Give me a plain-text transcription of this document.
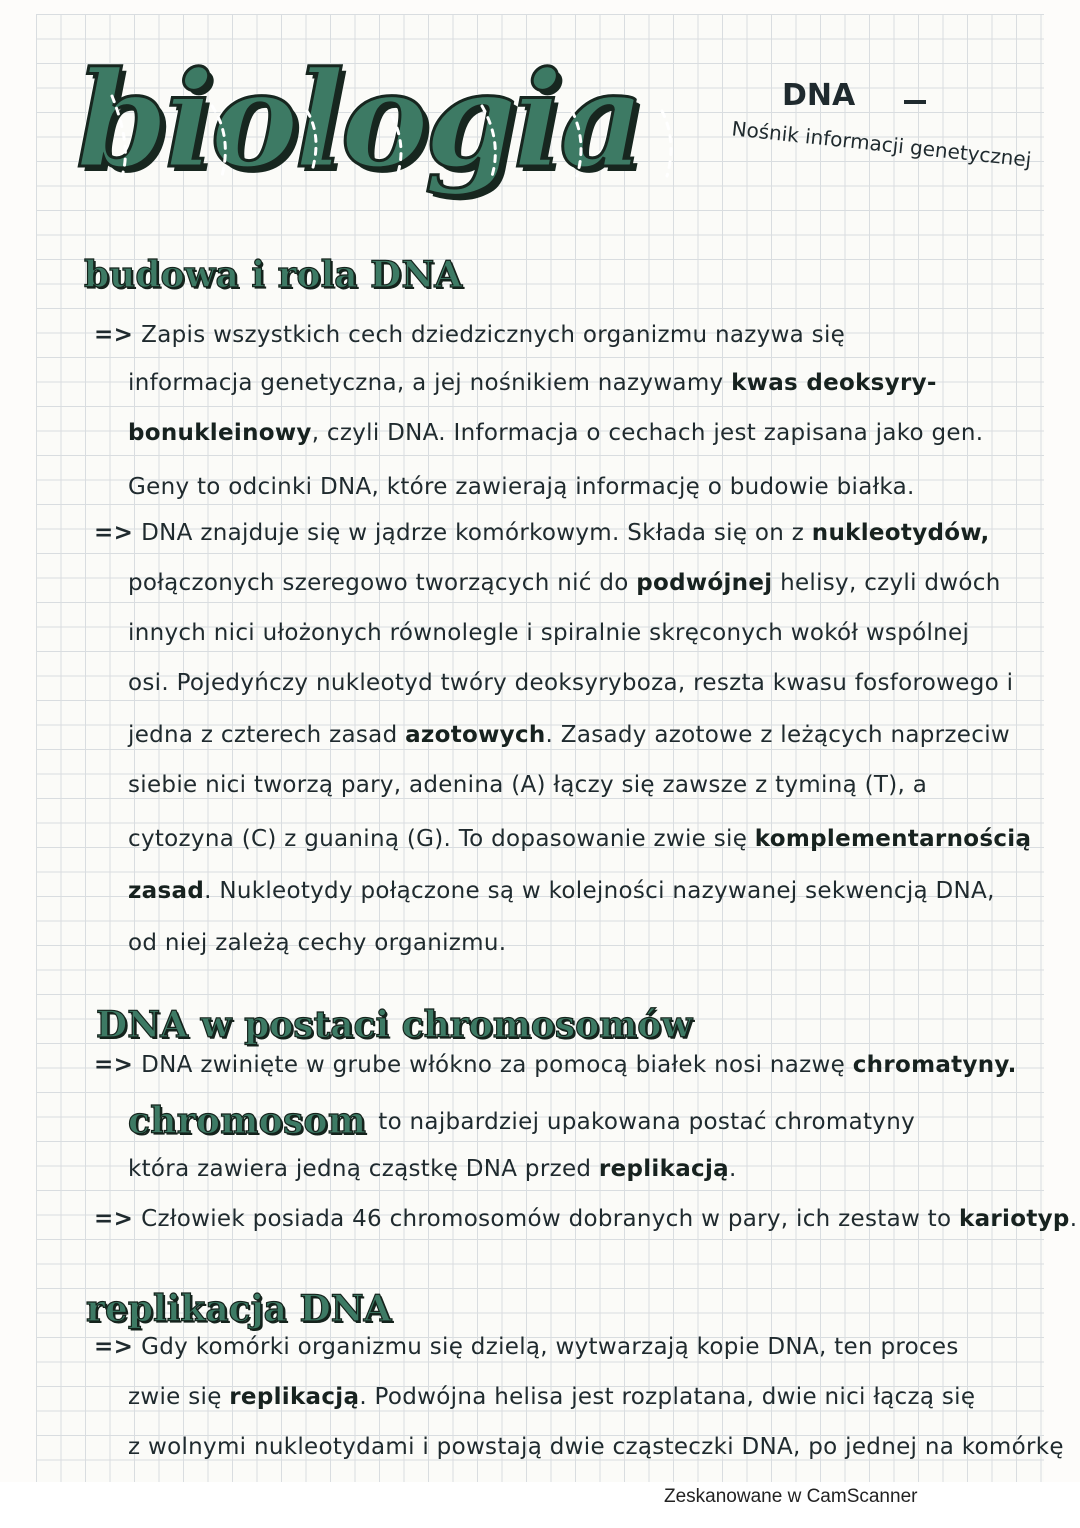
biologia	DNA
Nośnik informacji genetycznej
budowa i rola DNA
DNA w postaci chromosomów
replikacja DNA
=> Zapis wszystkich cech dziedzicznych organizmu nazywa się
informacja genetyczna, a jej nośnikiem nazywamy kwas deoksyry-
bonukleinowy, czyli DNA. Informacja o cechach jest zapisana jako gen.
Geny to odcinki DNA, które zawierają informację o budowie białka.
=> DNA znajduje się w jądrze komórkowym. Składa się on z nukleotydów,
połączonych szeregowo tworzących nić do podwójnej helisy, czyli dwóch
innych nici ułożonych równolegle i spiralnie skręconych wokół wspólnej
osi. Pojedyńczy nukleotyd twóry deoksyryboza, reszta kwasu fosforowego i
jedna z czterech zasad azotowych. Zasady azotowe z leżących naprzeciw
siebie nici tworzą pary, adenina (A) łączy się zawsze z tyminą (T), a
cytozyna (C) z guaniną (G). To dopasowanie zwie się komplementarnością
zasad. Nukleotydy połączone są w kolejności nazywanej sekwencją DNA,
od niej zależą cechy organizmu.
=> DNA zwinięte w grube włókno za pomocą białek nosi nazwę chromatyny.
chromosom to najbardziej upakowana postać chromatyny
która zawiera jedną cząstkę DNA przed replikacją.
=> Człowiek posiada 46 chromosomów dobranych w pary, ich zestaw to kariotyp.
=> Gdy komórki organizmu się dzielą, wytwarzają kopie DNA, ten proces
zwie się replikacją. Podwójna helisa jest rozplatana, dwie nici łączą się
z wolnymi nukleotydami i powstają dwie cząsteczki DNA, po jednej na komórkę
Zeskanowane w CamScanner
